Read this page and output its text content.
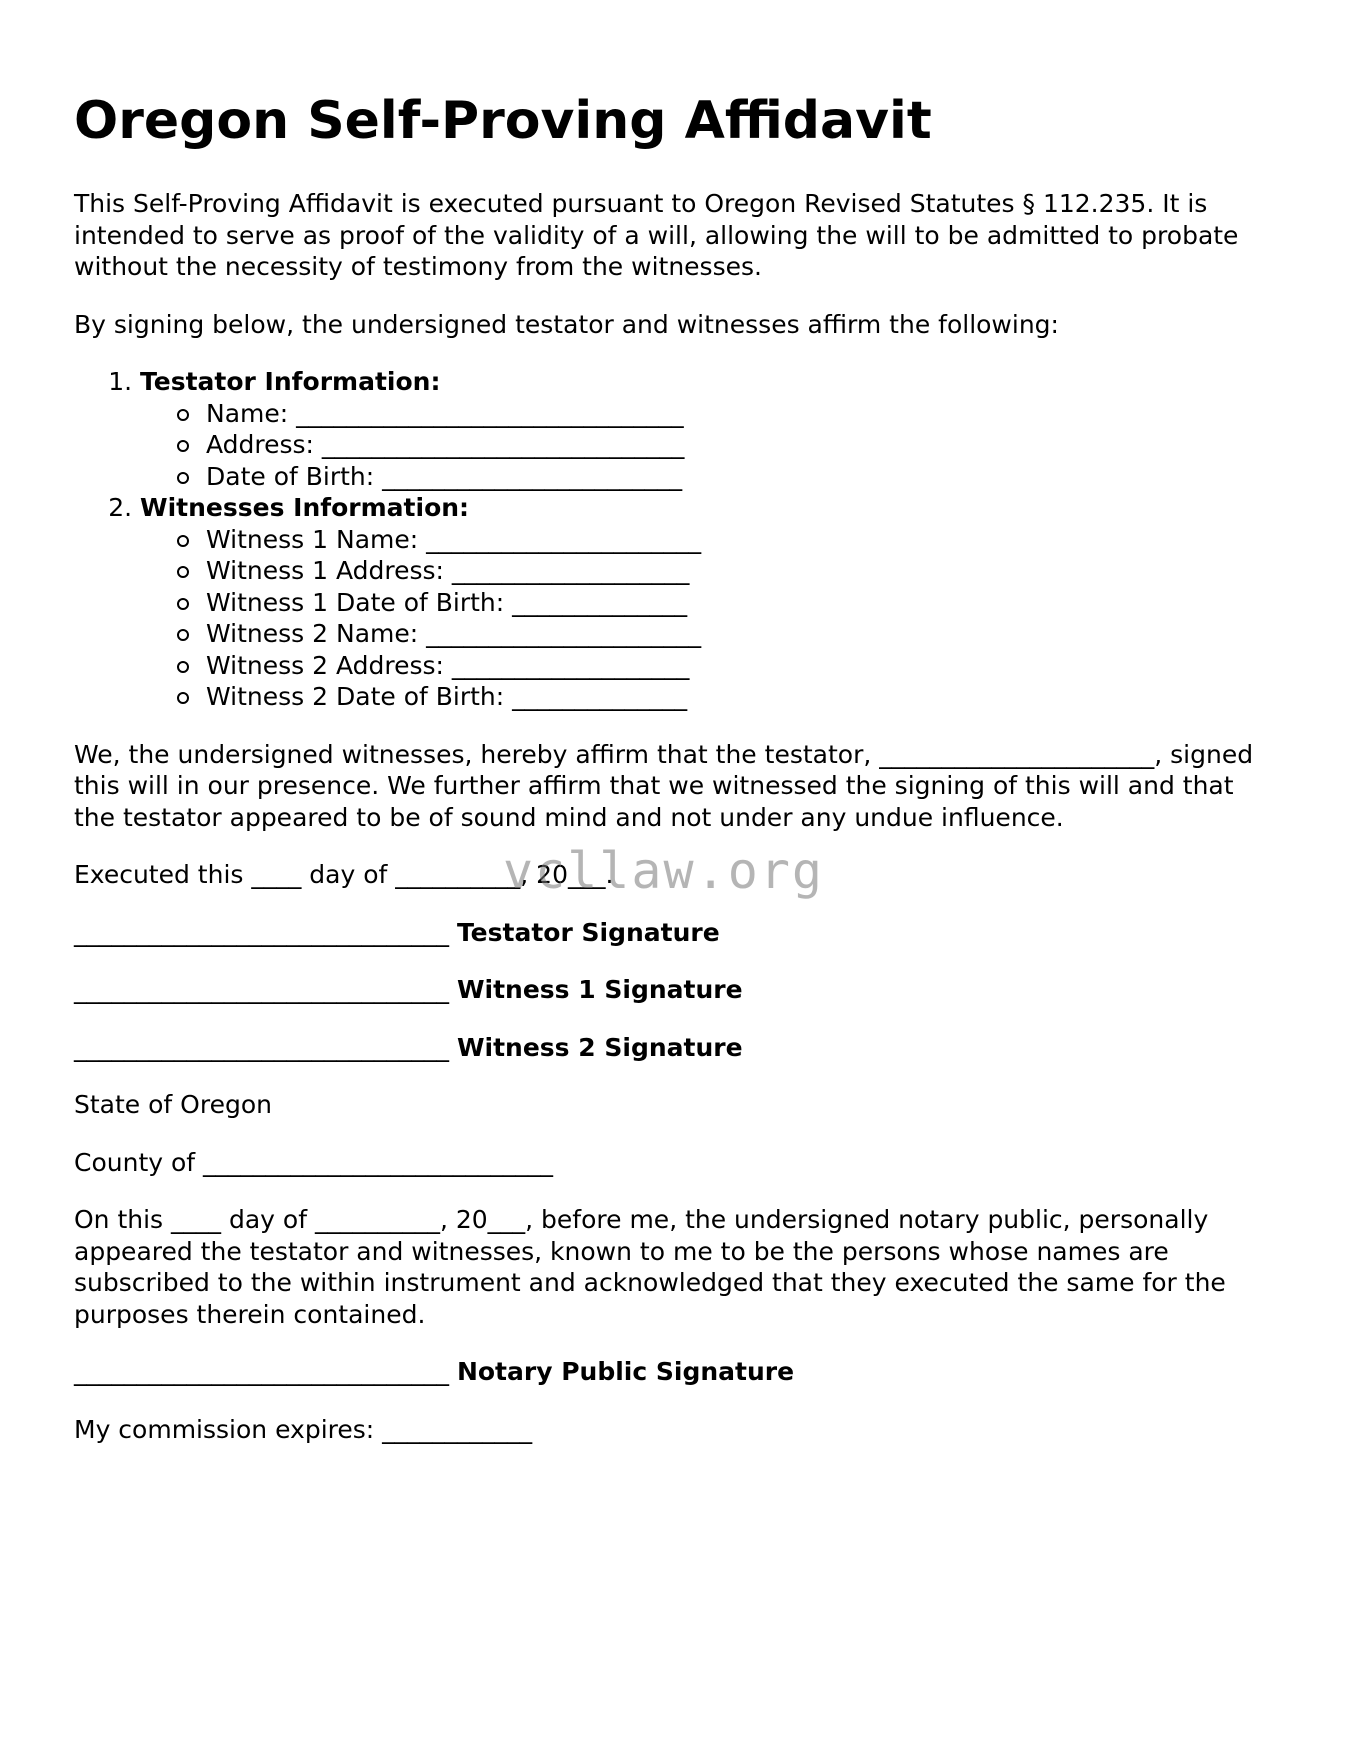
Oregon Self-Proving Affidavit

This Self-Proving Affidavit is executed pursuant to Oregon Revised Statutes § 112.235. It is intended to serve as proof of the validity of a will, allowing the will to be admitted to probate without the necessity of testimony from the witnesses.

By signing below, the undersigned testator and witnesses affirm the following:

1. Testator Information:
Name: _______________________________
Address: _____________________________
Date of Birth: ________________________
2. Witnesses Information:
Witness 1 Name: ______________________
Witness 1 Address: ___________________
Witness 1 Date of Birth: ______________
Witness 2 Name: ______________________
Witness 2 Address: ___________________
Witness 2 Date of Birth: ______________

We, the undersigned witnesses, hereby affirm that the testator, ______________________, signed this will in our presence. We further affirm that we witnessed the signing of this will and that the testator appeared to be of sound mind and not under any undue influence.

Executed this ____ day of __________, 20___.

______________________________ Testator Signature

______________________________ Witness 1 Signature

______________________________ Witness 2 Signature

State of Oregon

County of ____________________________

On this ____ day of __________, 20___, before me, the undersigned notary public, personally appeared the testator and witnesses, known to me to be the persons whose names are subscribed to the within instrument and acknowledged that they executed the same for the purposes therein contained.

______________________________ Notary Public Signature

My commission expires: ____________

vcllaw.org
